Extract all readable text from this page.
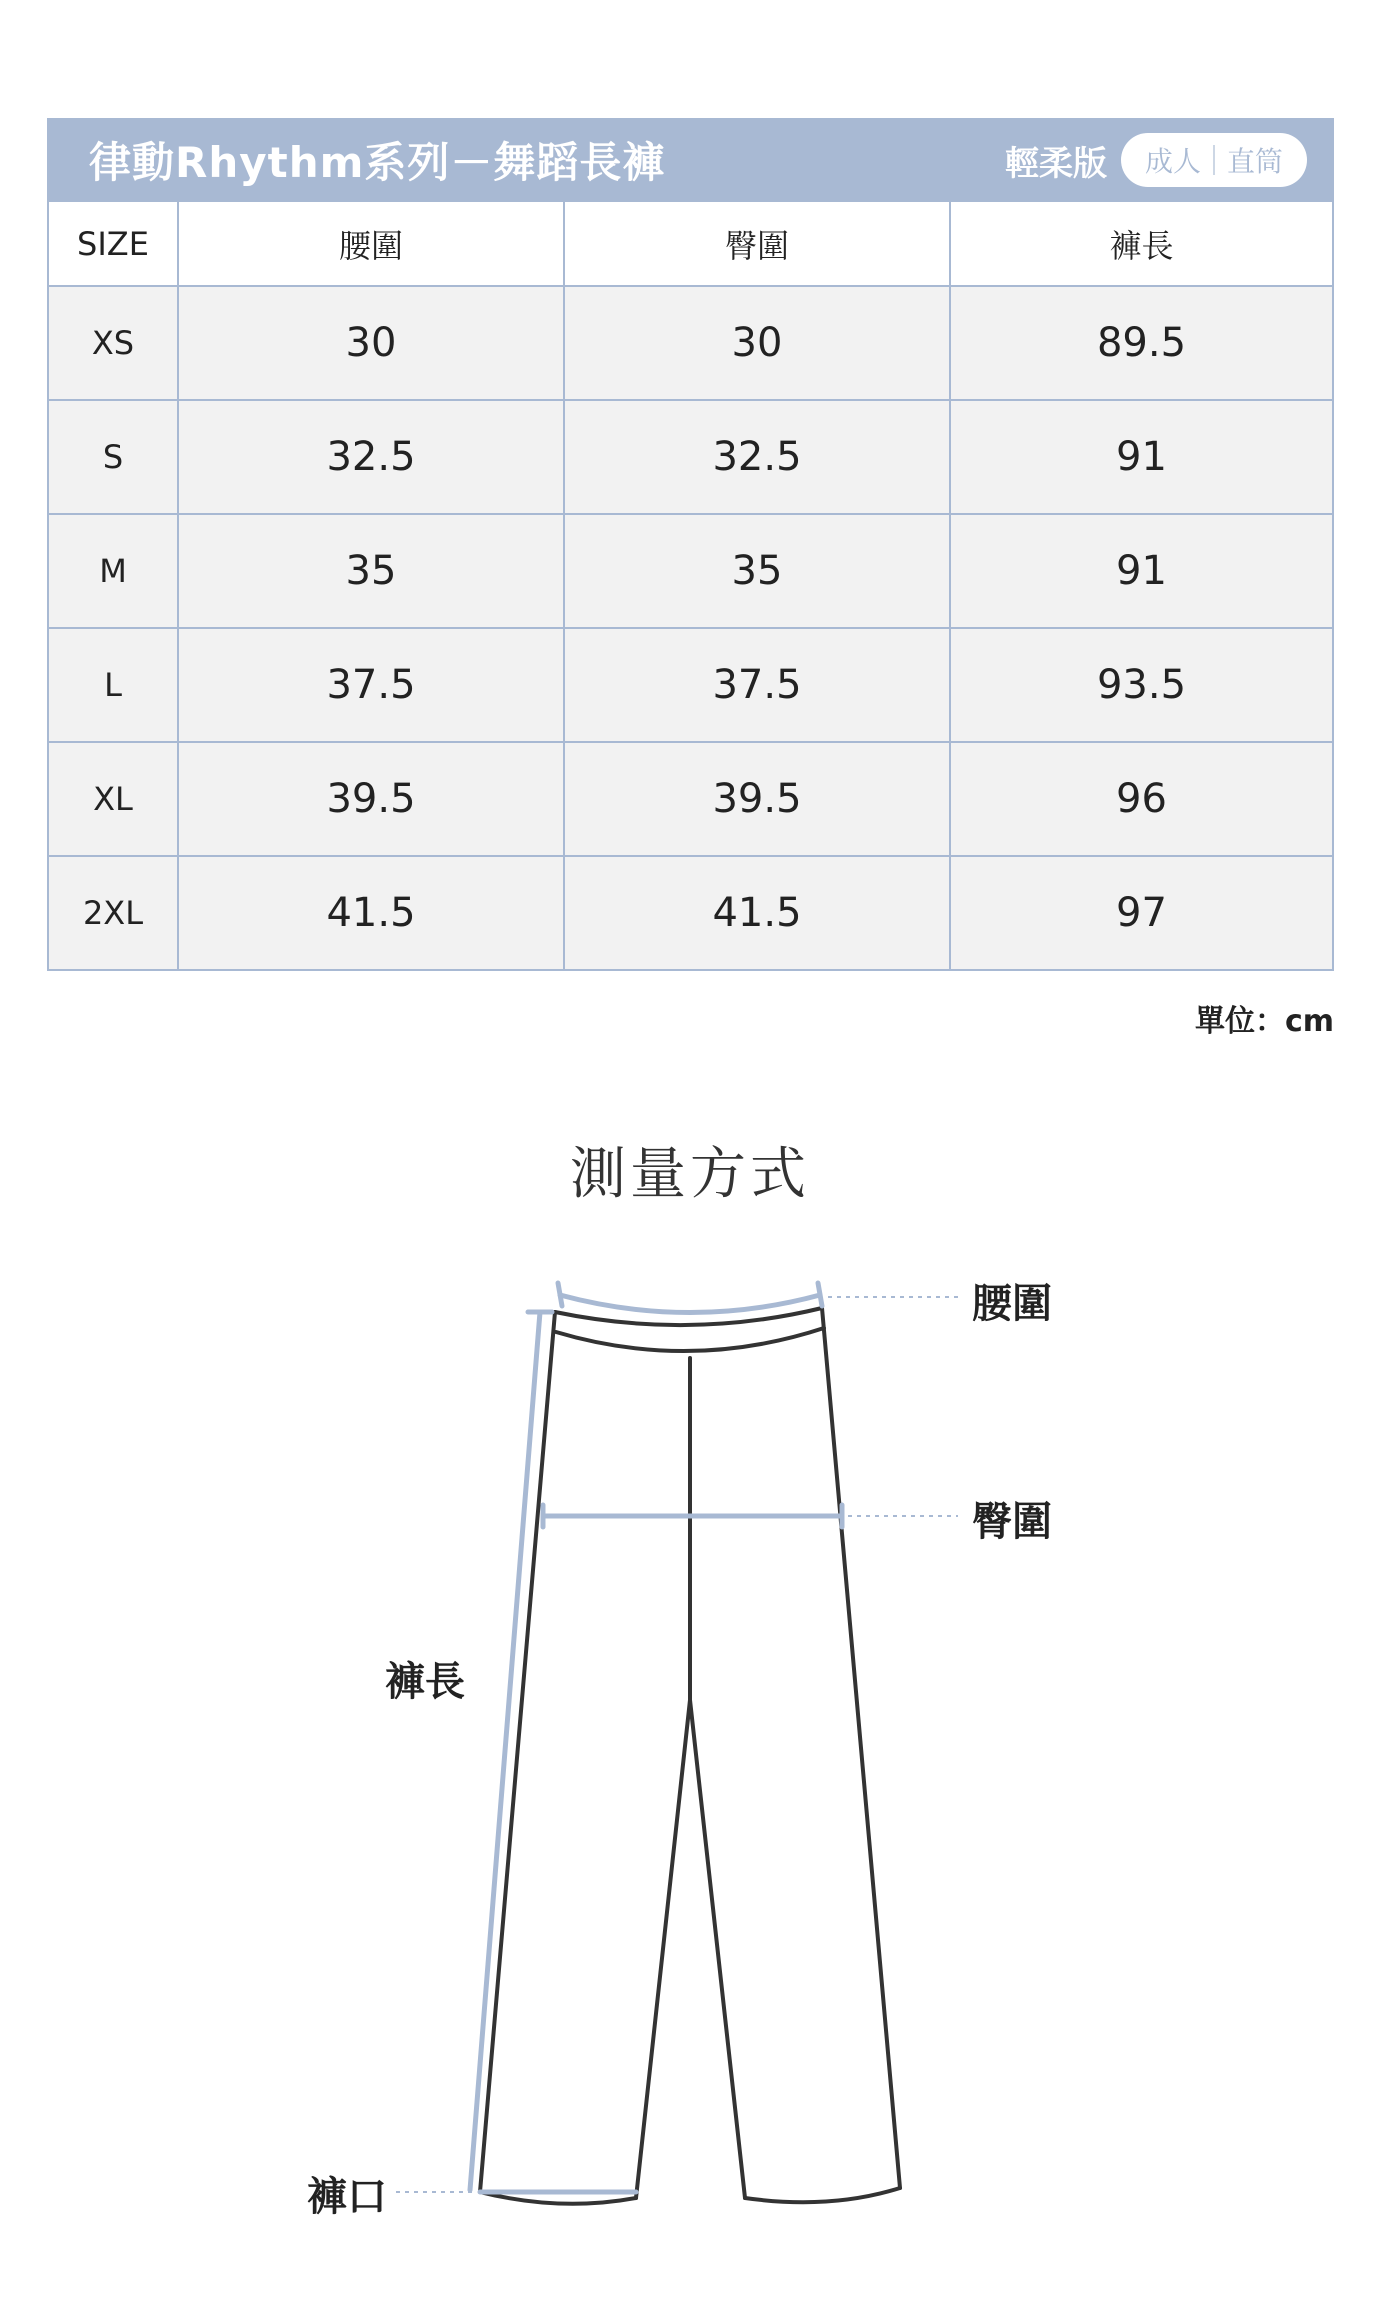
律動Rhythm系列－舞蹈長褲	輕柔版 成人 直筒
SIZE	腰圍	臀圍	褲長
XS	30	30	89.5
S	32.5	32.5	91
M	35	35	91
L	37.5	37.5	93.5
XL	39.5	39.5	96
2XL	41.5	41.5	97
單位：cm
測量方式
腰圍
臀圍
褲長
褲口
